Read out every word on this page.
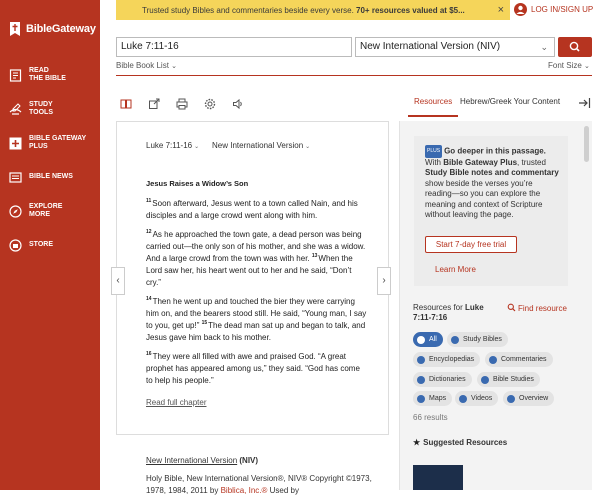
BibleGateway
READ
THE BIBLE
STUDY
TOOLS
BIBLE GATEWAY
PLUS
BIBLE NEWS
EXPLORE
MORE
STORE
Trusted study Bibles and commentaries beside every verse. 70+ resources valued at $5...	×	LOG IN/SIGN UP
Luke 7:11-16	New International Version (NIV)	⌄
Bible Book List ⌄	Font Size ⌄
Resources Hebrew/Greek Your Content
‹	›
Luke 7:11-16 ⌄ New International Version ⌄
Jesus Raises a Widow’s Son

$^{11}$Soon afterward, Jesus went to a town called Nain, and his disciples and a large crowd went along with him.

$^{12}$As he approached the town gate, a dead person was being carried out—the only son of his mother, and she was a widow. And a large crowd from the town was with her. $^{13}$When the Lord saw her, his heart went out to her and he said, “Don’t cry.”

$^{14}$Then he went up and touched the bier they were carrying him on, and the bearers stood still. He said, “Young man, I say to you, get up!” $^{15}$The dead man sat up and began to talk, and Jesus gave him back to his mother.

$^{16}$They were all filled with awe and praised God. “A great prophet has appeared among us,” they said. “God has come to help his people.”

Read full chapter

New International Version (NIV)
Holy Bible, New International Version®, NIV® Copyright ©1973, 1978, 1984, 2011 by Biblica, Inc.® Used by
PLUS Go deeper in this passage. With Bible Gateway Plus, trusted Study Bible notes and commentary show beside the verses you’re reading—so you can explore the meaning and context of Scripture without leaving the page.
Start 7-day free trial
Learn More
Resources for Luke 7:11-7:16
Find resource
All	Study Bibles
Encyclopedias	Commentaries
Dictionaries	Bible Studies
Maps	Videos	Overview
66 results
★ Suggested Resources
